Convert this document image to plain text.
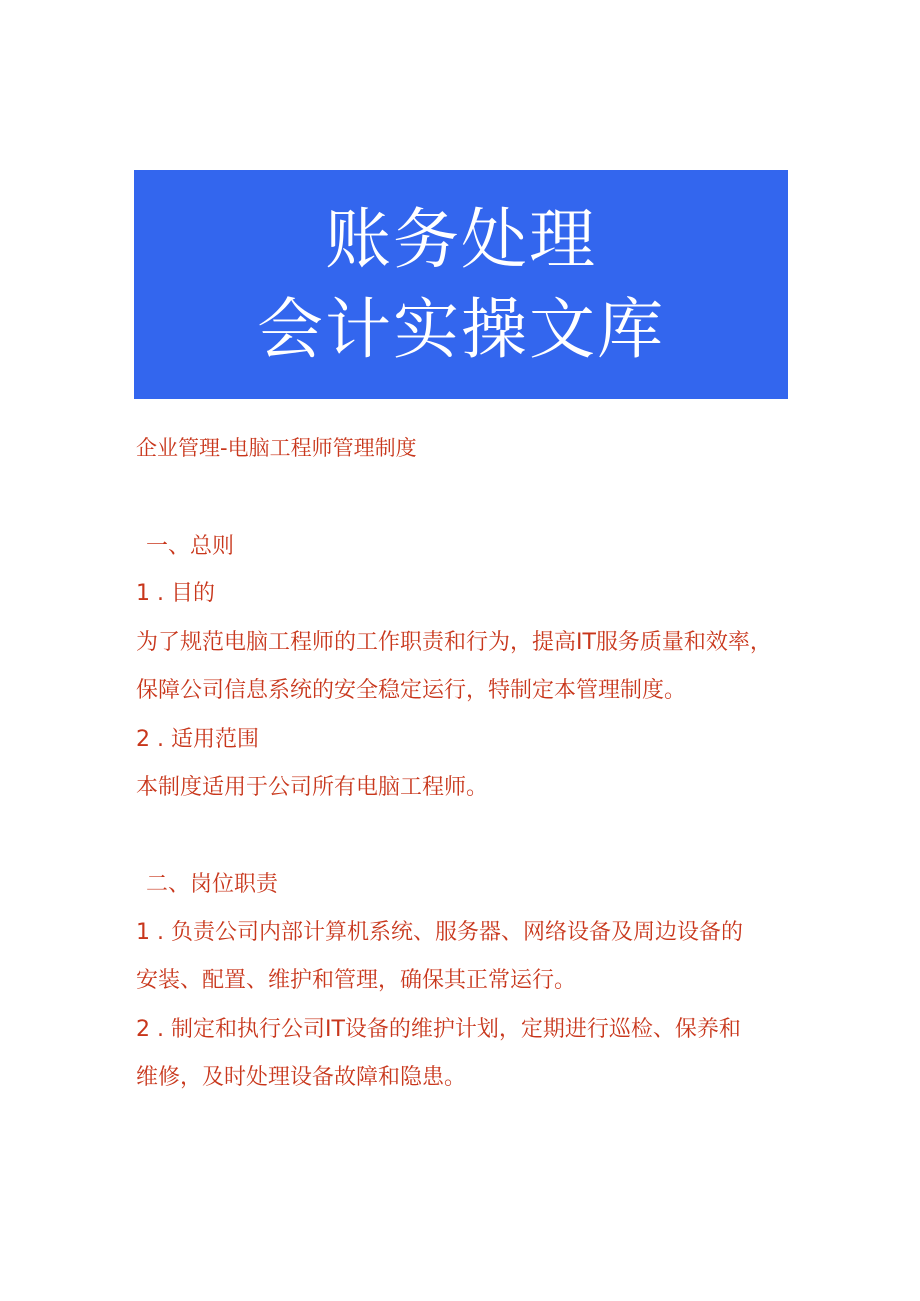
账务处理
会计实操文库
企业管理-电脑工程师管理制度
一、总则
1 . 目的
为了规范电脑工程师的工作职责和行为，提高IT服务质量和效率，
保障公司信息系统的安全稳定运行，特制定本管理制度。
2 . 适用范围
本制度适用于公司所有电脑工程师。
二、岗位职责
1 . 负责公司内部计算机系统、服务器、网络设备及周边设备的
安装、配置、维护和管理，确保其正常运行。
2 . 制定和执行公司IT设备的维护计划，定期进行巡检、保养和
维修，及时处理设备故障和隐患。
